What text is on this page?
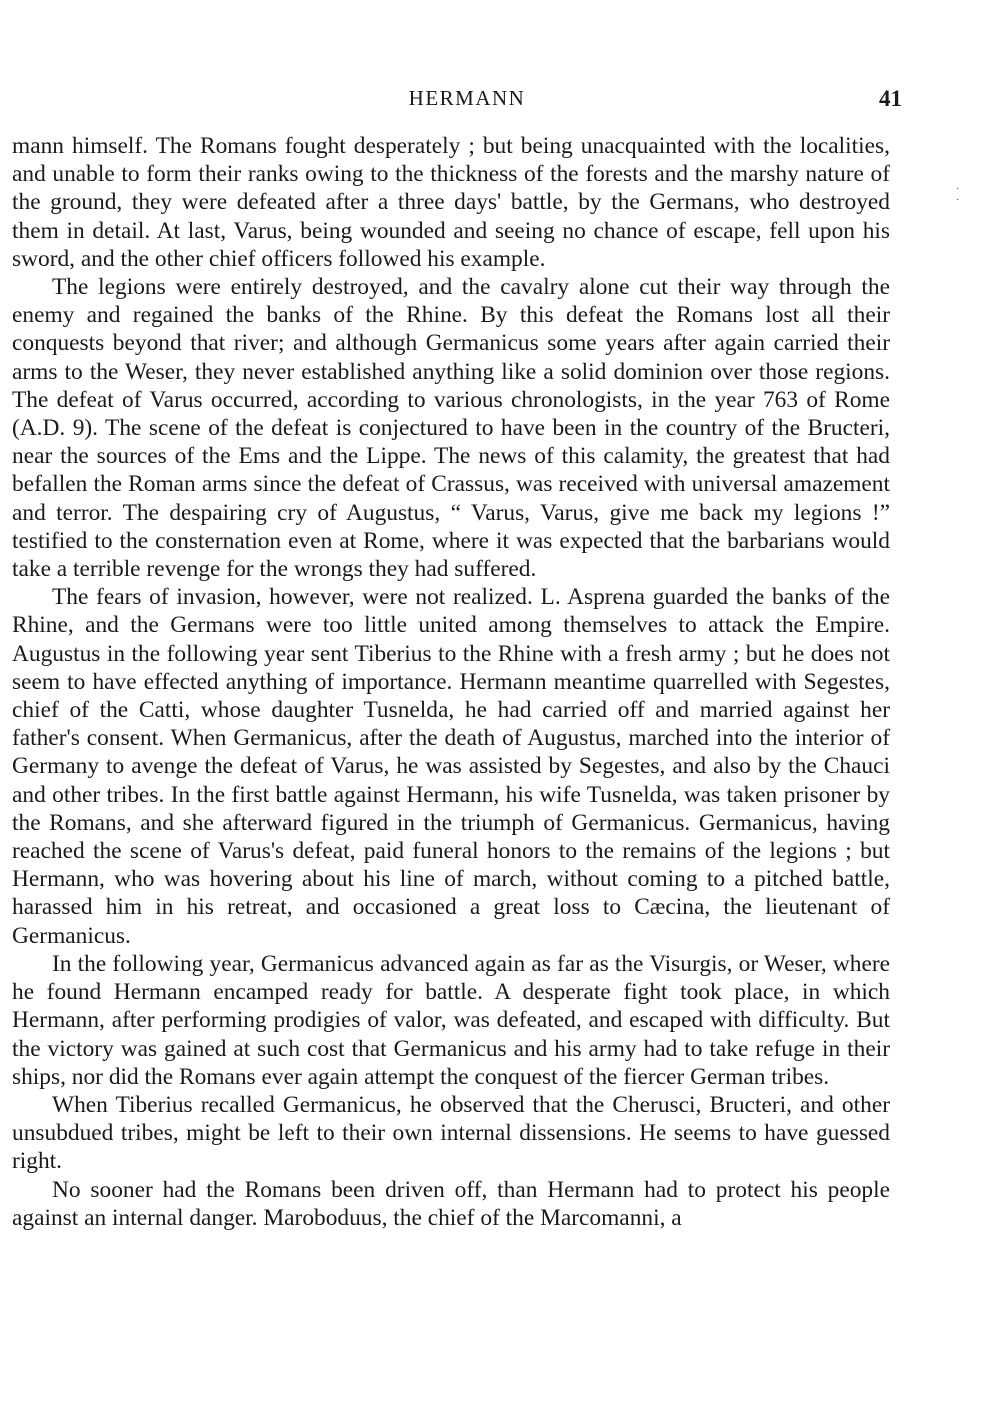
HERMANN	41
· ·

mann himself. The Romans fought desperately ; but being unacquainted with the localities, and unable to form their ranks owing to the thickness of the forests and the marshy nature of the ground, they were defeated after a three days' battle, by the Germans, who destroyed them in detail. At last, Varus, being wounded and seeing no chance of escape, fell upon his sword, and the other chief officers followed his example.

The legions were entirely destroyed, and the cavalry alone cut their way through the enemy and regained the banks of the Rhine. By this defeat the Romans lost all their conquests beyond that river; and although Germanicus some years after again carried their arms to the Weser, they never established anything like a solid dominion over those regions. The defeat of Varus occurred, according to various chronologists, in the year 763 of Rome (A.D. 9). The scene of the defeat is conjectured to have been in the country of the Bructeri, near the sources of the Ems and the Lippe. The news of this calamity, the greatest that had befallen the Roman arms since the defeat of Crassus, was received with universal amazement and terror. The despairing cry of Augustus, “ Varus, Varus, give me back my legions !” testified to the consternation even at Rome, where it was expected that the barbarians would take a terrible revenge for the wrongs they had suffered.

The fears of invasion, however, were not realized. L. Asprena guarded the banks of the Rhine, and the Germans were too little united among themselves to attack the Empire. Augustus in the following year sent Tiberius to the Rhine with a fresh army ; but he does not seem to have effected anything of importance. Hermann meantime quarrelled with Segestes, chief of the Catti, whose daughter Tusnelda, he had carried off and married against her father's consent. When Germanicus, after the death of Augustus, marched into the interior of Germany to avenge the defeat of Varus, he was assisted by Segestes, and also by the Chauci and other tribes. In the first battle against Hermann, his wife Tusnelda, was taken prisoner by the Romans, and she afterward figured in the triumph of Germanicus. Germanicus, having reached the scene of Varus's defeat, paid funeral honors to the remains of the legions ; but Hermann, who was hovering about his line of march, without coming to a pitched battle, harassed him in his retreat, and occasioned a great loss to Cæcina, the lieutenant of Germanicus.

In the following year, Germanicus advanced again as far as the Visurgis, or Weser, where he found Hermann encamped ready for battle. A desperate fight took place, in which Hermann, after performing prodigies of valor, was defeated, and escaped with difficulty. But the victory was gained at such cost that Germanicus and his army had to take refuge in their ships, nor did the Romans ever again attempt the conquest of the fiercer German tribes.

When Tiberius recalled Germanicus, he observed that the Cherusci, Bructeri, and other unsubdued tribes, might be left to their own internal dissensions. He seems to have guessed right.

No sooner had the Romans been driven off, than Hermann had to protect his people against an internal danger. Maroboduus, the chief of the Marcomanni, a
